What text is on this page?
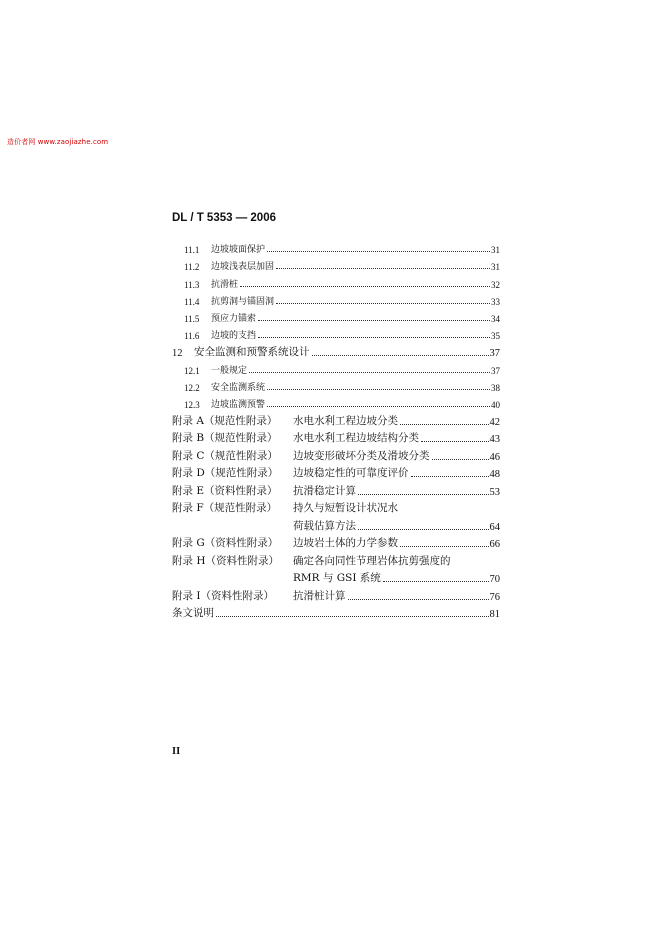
造价者网 www.zaojiazhe.com
DL / T 5353 — 2006
11.1	边坡坡面保护	31
11.2	边坡浅表层加固	31
11.3	抗滑桩	32
11.4	抗剪洞与锚固洞	33
11.5	预应力锚索	34
11.6	边坡的支挡	35
12	安全监测和预警系统设计	37
12.1	一般规定	37
12.2	安全监测系统	38
12.3	边坡监测预警	40
附录 A（规范性附录）	水电水利工程边坡分类	42
附录 B（规范性附录）	水电水利工程边坡结构分类	43
附录 C（规范性附录）	边坡变形破坏分类及滑坡分类	46
附录 D（规范性附录）	边坡稳定性的可靠度评价	48
附录 E（资料性附录）	抗滑稳定计算	53
附录 F（规范性附录）	持久与短暂设计状况水
荷载估算方法	64
附录 G（资料性附录）	边坡岩土体的力学参数	66
附录 H（资料性附录）	确定各向同性节理岩体抗剪强度的
RMR 与 GSI 系统	70
附录 I（资料性附录）	抗滑桩计算	76
条文说明	81
II
